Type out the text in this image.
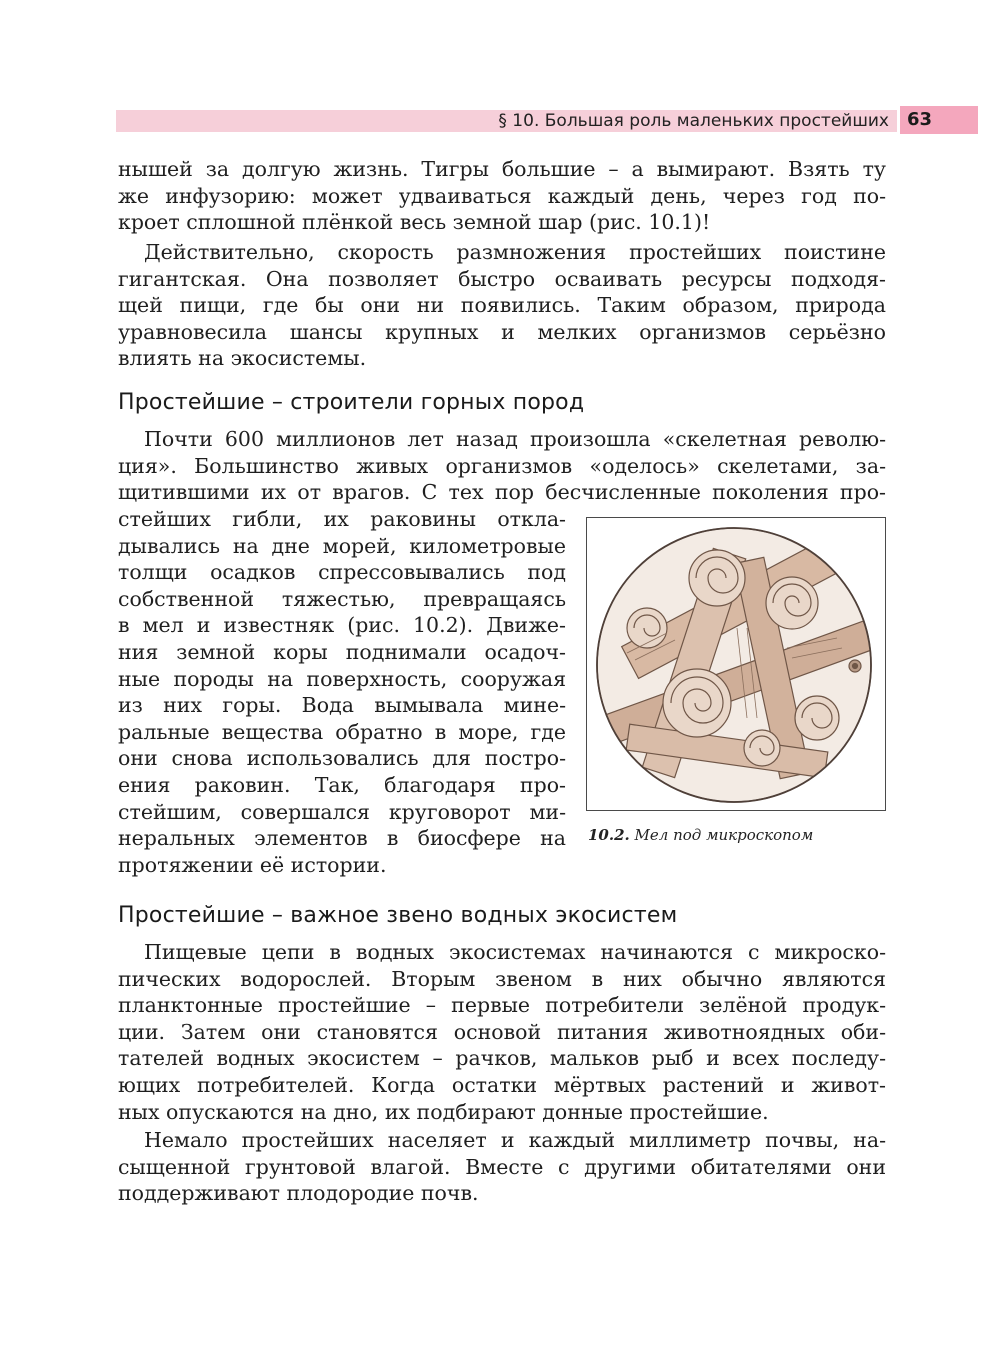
§ 10. Большая роль маленьких простейших 63
нышей за долгую жизнь. Тигры большие – а вымирают. Взять ту
же инфузорию: может удваиваться каждый день, через год по-
кроет сплошной плёнкой весь земной шар (рис. 10.1)!
Действительно, скорость размножения простейших поистине
гигантская. Она позволяет быстро осваивать ресурсы подходя-
щей пищи, где бы они ни появились. Таким образом, природа
уравновесила шансы крупных и мелких организмов серьёзно
влиять на экосистемы.
Простейшие – строители горных пород
Почти 600 миллионов лет назад произошла «скелетная револю-
ция». Большинство живых организмов «оделось» скелетами, за-
щитившими их от врагов. С тех пор бесчисленные поколения про-
стейших гибли, их раковины откла-
дывались на дне морей, километровые
толщи осадков спрессовывались под
собственной тяжестью, превращаясь
в мел и известняк (рис. 10.2). Движе-
ния земной коры поднимали осадоч-
ные породы на поверхность, сооружая
из них горы. Вода вымывала мине-
ральные вещества обратно в море, где
они снова использовались для постро-
ения раковин. Так, благодаря про-
стейшим, совершался круговорот ми-
неральных элементов в биосфере на
протяжении её истории.
10.2. Мел под микроскопом
Простейшие – важное звено водных экосистем
Пищевые цепи в водных экосистемах начинаются с микроско-
пических водорослей. Вторым звеном в них обычно являются
планктонные простейшие – первые потребители зелёной продук-
ции. Затем они становятся основой питания животноядных оби-
тателей водных экосистем – рачков, мальков рыб и всех последу-
ющих потребителей. Когда остатки мёртвых растений и живот-
ных опускаются на дно, их подбирают донные простейшие.
Немало простейших населяет и каждый миллиметр почвы, на-
сыщенной грунтовой влагой. Вместе с другими обитателями они
поддерживают плодородие почв.
